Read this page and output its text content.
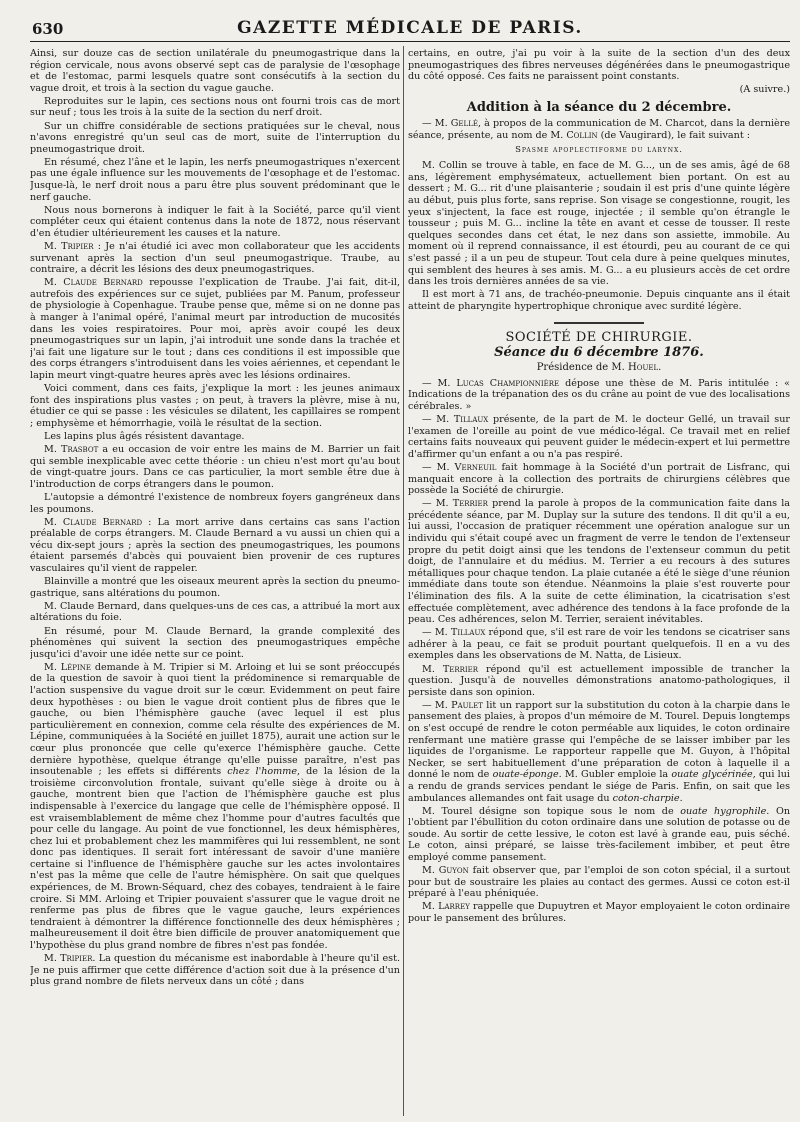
630	GAZETTE MÉDICALE DE PARIS.

Ainsi, sur douze cas de section unilatérale du pneumogastrique dans la région cervicale, nous avons observé sept cas de paralysie de l'œsophage et de l'estomac, parmi lesquels quatre sont consécutifs à la section du vague droit, et trois à la section du vague gauche.

Reproduites sur le lapin, ces sections nous ont fourni trois cas de mort sur neuf ; tous les trois à la suite de la section du nerf droit.

Sur un chiffre considérable de sections pratiquées sur le cheval, nous n'avons enregistré qu'un seul cas de mort, suite de l'interruption du pneumogastrique droit.

En résumé, chez l'âne et le lapin, les nerfs pneumogastriques n'exercent pas une égale influence sur les mouvements de l'œsophage et de l'estomac. Jusque-là, le nerf droit nous a paru être plus souvent prédominant que le nerf gauche.

Nous nous bornerons à indiquer le fait à la Société, parce qu'il vient compléter ceux qui étaient contenus dans la note de 1872, nous réservant d'en étudier ultérieurement les causes et la nature.

M. Tripier : Je n'ai étudié ici avec mon collaborateur que les accidents survenant après la section d'un seul pneumogastrique. Traube, au contraire, a décrit les lésions des deux pneumogastriques.

M. Claude Bernard repousse l'explication de Traube. J'ai fait, dit-il, autrefois des expériences sur ce sujet, publiées par M. Panum, professeur de physiologie à Copenhague. Traube pense que, même si on ne donne pas à manger à l'animal opéré, l'animal meurt par introduction de mucosités dans les voies respiratoires. Pour moi, après avoir coupé les deux pneumogastriques sur un lapin, j'ai introduit une sonde dans la trachée et j'ai fait une ligature sur le tout ; dans ces conditions il est impossible que des corps étrangers s'introduisent dans les voies aériennes, et cependant le lapin meurt vingt-quatre heures après avec les lésions ordinaires.

Voici comment, dans ces faits, j'explique la mort : les jeunes animaux font des inspirations plus vastes ; on peut, à travers la plèvre, mise à nu, étudier ce qui se passe : les vésicules se dilatent, les capillaires se rompent ; emphysème et hémorrhagie, voilà le résultat de la section.

Les lapins plus âgés résistent davantage.

M. Trasbot a eu occasion de voir entre les mains de M. Barrier un fait qui semble inexplicable avec cette théorie : un chieu n'est mort qu'au bout de vingt-quatre jours. Dans ce cas particulier, la mort semble être due à l'introduction de corps étrangers dans le poumon.

L'autopsie a démontré l'existence de nombreux foyers gangréneux dans les poumons.

M. Claude Bernard : La mort arrive dans certains cas sans l'action préalable de corps étrangers. M. Claude Bernard a vu aussi un chien qui a vécu dix-sept jours ; après la section des pneumogastriques, les poumons étaient parsemés d'abcès qui pouvaient bien provenir de ces ruptures vasculaires qu'il vient de rappeler.

Blainville a montré que les oiseaux meurent après la section du pneumo-gastrique, sans altérations du poumon.

M. Claude Bernard, dans quelques-uns de ces cas, a attribué la mort aux altérations du foie.

En résumé, pour M. Claude Bernard, la grande complexité des phénomènes qui suivent la section des pneumogastriques empêche jusqu'ici d'avoir une idée nette sur ce point.

M. Lépine demande à M. Tripier si M. Arloing et lui se sont préoccupés de la question de savoir à quoi tient la prédominence si remarquable de l'action suspensive du vague droit sur le cœur. Evidemment on peut faire deux hypothèses : ou bien le vague droit contient plus de fibres que le gauche, ou bien l'hémisphère gauche (avec lequel il est plus particulièrement en connexion, comme cela résulte des expériences de M. Lépine, communiquées à la Société en juillet 1875), aurait une action sur le cœur plus prononcée que celle qu'exerce l'hémisphère gauche. Cette dernière hypothèse, quelque étrange qu'elle puisse paraître, n'est pas insoutenable ; les effets si différents chez l'homme, de la lésion de la troisième circonvolution frontale, suivant qu'elle siège à droite ou à gauche, montrent bien que l'action de l'hémisphère gauche est plus indispensable à l'exercice du langage que celle de l'hémisphère opposé. Il est vraisemblablement de même chez l'homme pour d'autres facultés que pour celle du langage. Au point de vue fonctionnel, les deux hémisphères, chez lui et probablement chez les mammifères qui lui ressemblent, ne sont donc pas identiques. Il serait fort intéressant de savoir d'une manière certaine si l'influence de l'hémisphère gauche sur les actes involontaires n'est pas la même que celle de l'autre hémisphère. On sait que quelques expériences, de M. Brown-Séquard, chez des cobayes, tendraient à le faire croire. Si MM. Arloing et Tripier pouvaient s'assurer que le vague droit ne renferme pas plus de fibres que le vague gauche, leurs expériences tendraient à démontrer la différence fonctionnelle des deux hémisphères ; malheureusement il doit être bien difficile de prouver anatomiquement que l'hypothèse du plus grand nombre de fibres n'est pas fondée.

M. Tripier. La question du mécanisme est inabordable à l'heure qu'il est. Je ne puis affirmer que cette différence d'action soit due à la présence d'un plus grand nombre de filets nerveux dans un côté ; dans

certains, en outre, j'ai pu voir à la suite de la section d'un des deux pneumogastriques des fibres nerveuses dégénérées dans le pneumogastrique du côté opposé. Ces faits ne paraissent point constants.

(A suivre.)

Addition à la séance du 2 décembre.

— M. Gellé, à propos de la communication de M. Charcot, dans la dernière séance, présente, au nom de M. Collin (de Vaugirard), le fait suivant :

Spasme apoplectiforme du larynx.

M. Collin se trouve à table, en face de M. G..., un de ses amis, âgé de 68 ans, légèrement emphysémateux, actuellement bien portant. On est au dessert ; M. G... rit d'une plaisanterie ; soudain il est pris d'une quinte légère au début, puis plus forte, sans reprise. Son visage se congestionne, rougit, les yeux s'injectent, la face est rouge, injectée ; il semble qu'on étrangle le tousseur ; puis M. G... incline la tête en avant et cesse de tousser. Il reste quelques secondes dans cet état, le nez dans son assiette, immobile. Au moment où il reprend connaissance, il est étourdi, peu au courant de ce qui s'est passé ; il a un peu de stupeur. Tout cela dure à peine quelques minutes, qui semblent des heures à ses amis. M. G... a eu plusieurs accès de cet ordre dans les trois dernières années de sa vie.

Il est mort à 71 ans, de trachéo-pneumonie. Depuis cinquante ans il était atteint de pharyngite hypertrophique chronique avec surdité légère.

SOCIÉTÉ DE CHIRURGIE.
Séance du 6 décembre 1876.
Présidence de M. Houel.

— M. Lucas Championnière dépose une thèse de M. Paris intitulée : « Indications de la trépanation des os du crâne au point de vue des localisations cérébrales. »

— M. Tillaux présente, de la part de M. le docteur Gellé, un travail sur l'examen de l'oreille au point de vue médico-légal. Ce travail met en relief certains faits nouveaux qui peuvent guider le médecin-expert et lui permettre d'affirmer qu'un enfant a ou n'a pas respiré.

— M. Verneuil fait hommage à la Société d'un portrait de Lisfranc, qui manquait encore à la collection des portraits de chirurgiens célèbres que possède la Société de chirurgie.

— M. Terrier prend la parole à propos de la communication faite dans la précédente séance, par M. Duplay sur la suture des tendons. Il dit qu'il a eu, lui aussi, l'occasion de pratiquer récemment une opération analogue sur un individu qui s'était coupé avec un fragment de verre le tendon de l'extenseur propre du petit doigt ainsi que les tendons de l'extenseur commun du petit doigt, de l'annulaire et du médius. M. Terrier a eu recours à des sutures métalliques pour chaque tendon. La plaie cutanée a été le siège d'une réunion immédiate dans toute son étendue. Néanmoins la plaie s'est rouverte pour l'élimination des fils. A la suite de cette élimination, la cicatrisation s'est effectuée complètement, avec adhérence des tendons à la face profonde de la peau. Ces adhérences, selon M. Terrier, seraient inévitables.

— M. Tillaux répond que, s'il est rare de voir les tendons se cicatriser sans adhérer à la peau, ce fait se produit pourtant quelquefois. Il en a vu des exemples dans les observations de M. Natta, de Lisieux.

M. Terrier répond qu'il est actuellement impossible de trancher la question. Jusqu'à de nouvelles démonstrations anatomo-pathologiques, il persiste dans son opinion.

— M. Paulet lit un rapport sur la substitution du coton à la charpie dans le pansement des plaies, à propos d'un mémoire de M. Tourel. Depuis longtemps on s'est occupé de rendre le coton perméable aux liquides, le coton ordinaire renfermant une matière grasse qui l'empêche de se laisser imbiber par les liquides de l'organisme. Le rapporteur rappelle que M. Guyon, à l'hôpital Necker, se sert habituellement d'une préparation de coton à laquelle il a donné le nom de ouate-éponge. M. Gubler emploie la ouate glycérinée, qui lui a rendu de grands services pendant le siége de Paris. Enfin, on sait que les ambulances allemandes ont fait usage du coton-charpie.

M. Tourel désigne son topique sous le nom de ouate hygrophile. On l'obtient par l'ébullition du coton ordinaire dans une solution de potasse ou de soude. Au sortir de cette lessive, le coton est lavé à grande eau, puis séché. Le coton, ainsi préparé, se laisse très-facilement imbiber, et peut être employé comme pansement.

M. Guyon fait observer que, par l'emploi de son coton spécial, il a surtout pour but de soustraire les plaies au contact des germes. Aussi ce coton est-il préparé à l'eau phéniquée.

M. Larrey rappelle que Dupuytren et Mayor employaient le coton ordinaire pour le pansement des brûlures.
